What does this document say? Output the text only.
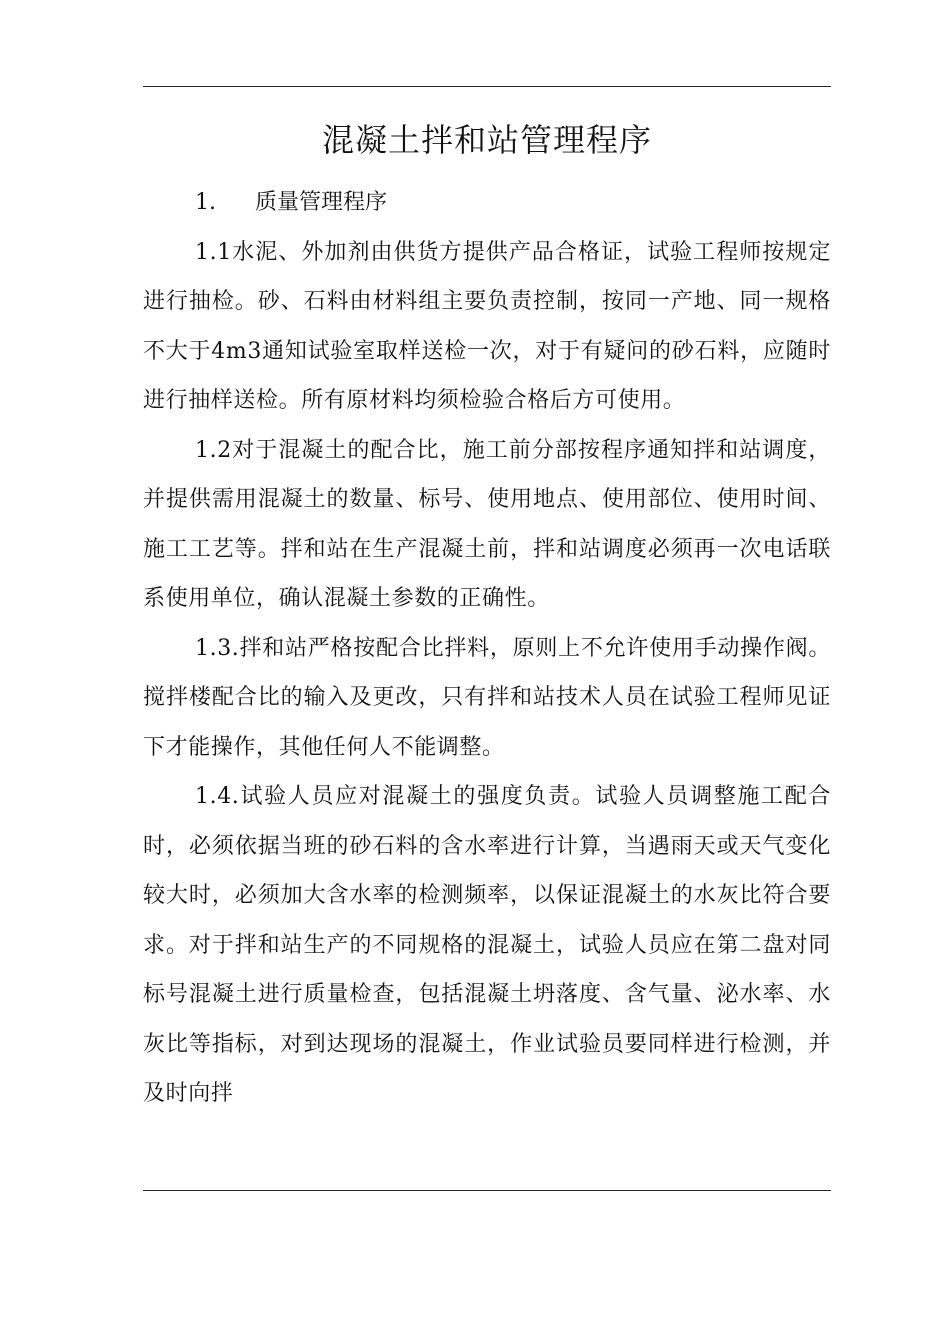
混凝土拌和站管理程序
1. 质量管理程序

1.1水泥、外加剂由供货方提供产品合格证，试验工程师按规定进行抽检。砂、石料由材料组主要负责控制，按同一产地、同一规格不大于4m3通知试验室取样送检一次，对于有疑问的砂石料，应随时进行抽样送检。所有原材料均须检验合格后方可使用。

1.2对于混凝土的配合比，施工前分部按程序通知拌和站调度，并提供需用混凝土的数量、标号、使用地点、使用部位、使用时间、施工工艺等。拌和站在生产混凝土前，拌和站调度必须再一次电话联系使用单位，确认混凝土参数的正确性。

1.3.拌和站严格按配合比拌料，原则上不允许使用手动操作阀。搅拌楼配合比的输入及更改，只有拌和站技术人员在试验工程师见证下才能操作，其他任何人不能调整。

1.4.试验人员应对混凝土的强度负责。试验人员调整施工配合时，必须依据当班的砂石料的含水率进行计算，当遇雨天或天气变化较大时，必须加大含水率的检测频率，以保证混凝土的水灰比符合要求。对于拌和站生产的不同规格的混凝土，试验人员应在第二盘对同标号混凝土进行质量检查，包括混凝土坍落度、含气量、泌水率、水灰比等指标，对到达现场的混凝土，作业试验员要同样进行检测，并及时向拌
